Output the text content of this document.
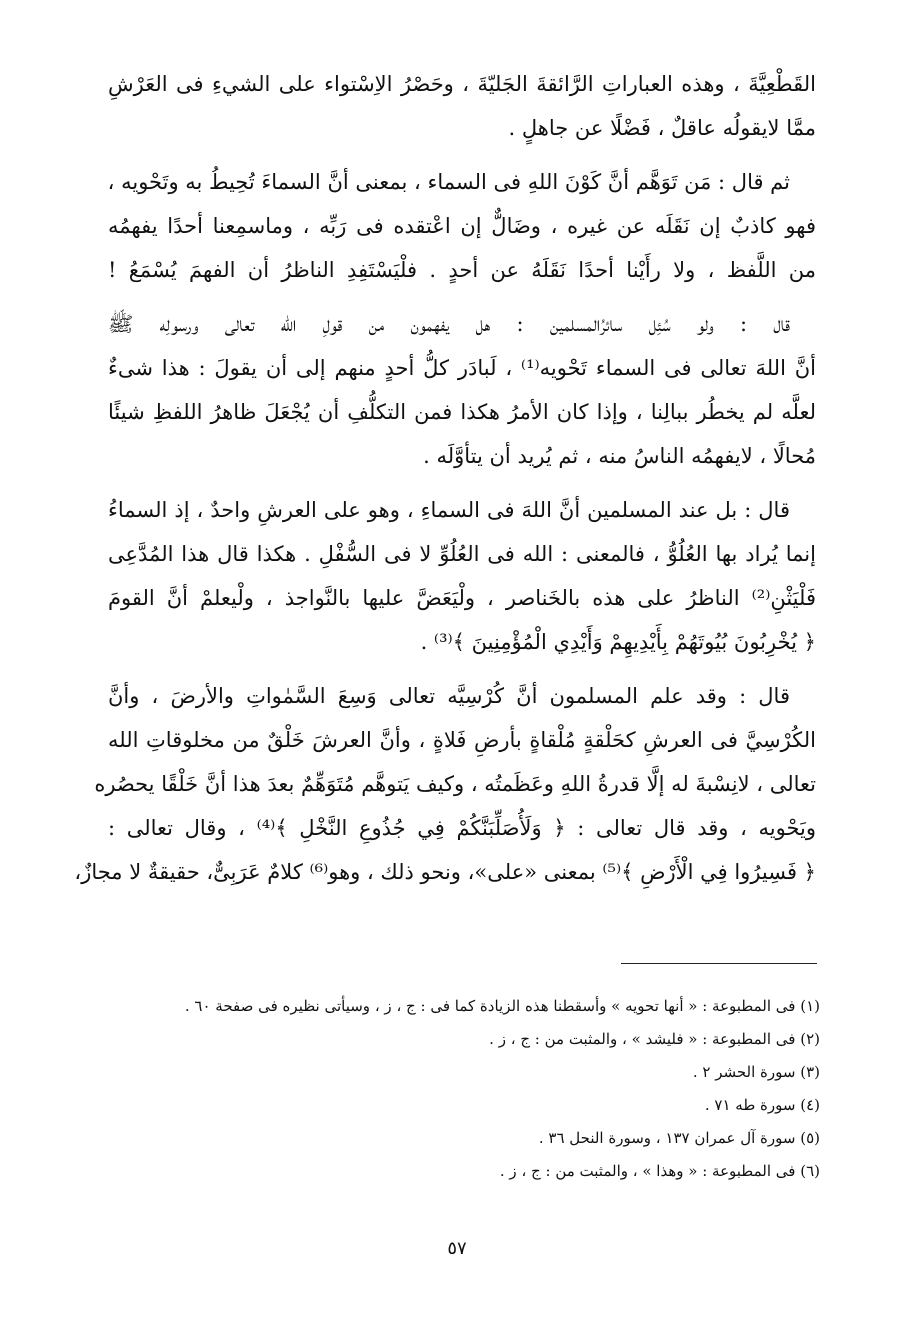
القَطْعِيَّةَ ، وهذه العباراتِ الرَّائقةَ الجَليّةَ ، وحَصْرُ الاِسْتواء على الشيءِ فى العَرْشِ
ممَّا لايقولُه عاقلٌ ، فَضْلًا عن جاهلٍ .
ثم قال : مَن تَوَهَّم أنَّ كَوْنَ اللهِ فى السماء ، بمعنى أنَّ السماءَ تُحِيطُ به وتَحْويه ،
فهو كاذبٌ إن نَقَلَه عن غيره ، وضَالٌّ إن اعْتقده فى رَبِّه ، وماسمِعنا أحدًا يفهمُه
من اللَّفظ ، ولا رأَيْنا أحدًا نَقَلَهُ عن أحدٍ . فلْيَسْتَفِدِ الناظرُ أن الفهمَ يُسْمَعُ !
قال : ولو سُئِل سائرُالمسلمين : هل يفهمون من قولِ الله تعالى ورسولِه ﷺ
أنَّ اللهَ تعالى فى السماء تَحْويه⁽¹⁾ ، لَبادَر كلُّ أحدٍ منهم إلى أن يقولَ : هذا شىءٌ
لعلَّه لم يخطُر ببالِنا ، وإذا كان الأمرُ هكذا فمن التكلُّفِ أن يُجْعَلَ ظاهرُ اللفظِ شيئًا
مُحالًا ، لايفهمُه الناسُ منه ، ثم يُريد أن يتأوَّلَه .
قال : بل عند المسلمين أنَّ اللهَ فى السماءِ ، وهو على العرشِ واحدٌ ، إذ السماءُ
إنما يُراد بها العُلُوُّ ، فالمعنى : الله فى العُلُوِّ لا فى السُّفْلِ . هكذا قال هذا المُدَّعِى
فَلْيَثْنِ⁽²⁾ الناظرُ على هذه بالخَناصر ، ولْيَعَضَّ عليها بالنَّواجذ ، ولْيعلمْ أنَّ القومَ
﴿ يُخْرِبُونَ بُيُوتَهُمْ بِأَيْدِيهِمْ وَأَيْدِي الْمُؤْمِنِينَ ﴾⁽³⁾ .
قال : وقد علم المسلمون أنَّ كُرْسِيَّه تعالى وَسِعَ السَّمٰواتِ والأرضَ ، وأنَّ
الكُرْسِيَّ فى العرشِ كحَلْقةٍ مُلْقاةٍ بأرضِ فَلاةٍ ، وأنَّ العرشَ خَلْقٌ من مخلوقاتِ الله
تعالى ، لانِسْبةَ له إلَّا قدرةُ اللهِ وعَظَمتُه ، وكيف يَتوهَّم مُتَوَهِّمٌ بعدَ هذا أنَّ خَلْقًا يحصُره
ويَحْويه ، وقد قال تعالى : ﴿ وَلَأُصَلِّبَنَّكُمْ فِي جُذُوعِ النَّخْلِ ﴾⁽⁴⁾ ، وقال تعالى :
﴿ فَسِيرُوا فِي الْأَرْضِ ﴾⁽⁵⁾ بمعنى «على»، ونحو ذلك ، وهو⁽⁶⁾ كلامٌ عَرَبِىٌّ، حقيقةٌ لا مجازٌ،
(١) فى المطبوعة : « أنها تحويه » وأسقطنا هذه الزيادة كما فى : ج ، ز ، وسيأتى نظيره فى صفحة ٦٠ .
(٢) فى المطبوعة : « فليشد » ، والمثبت من : ج ، ز .
(٣) سورة الحشر ٢ .
(٤) سورة طه ٧١ .
(٥) سورة آل عمران ١٣٧ ، وسورة النحل ٣٦ .
(٦) فى المطبوعة : « وهذا » ، والمثبت من : ج ، ز .
٥٧
